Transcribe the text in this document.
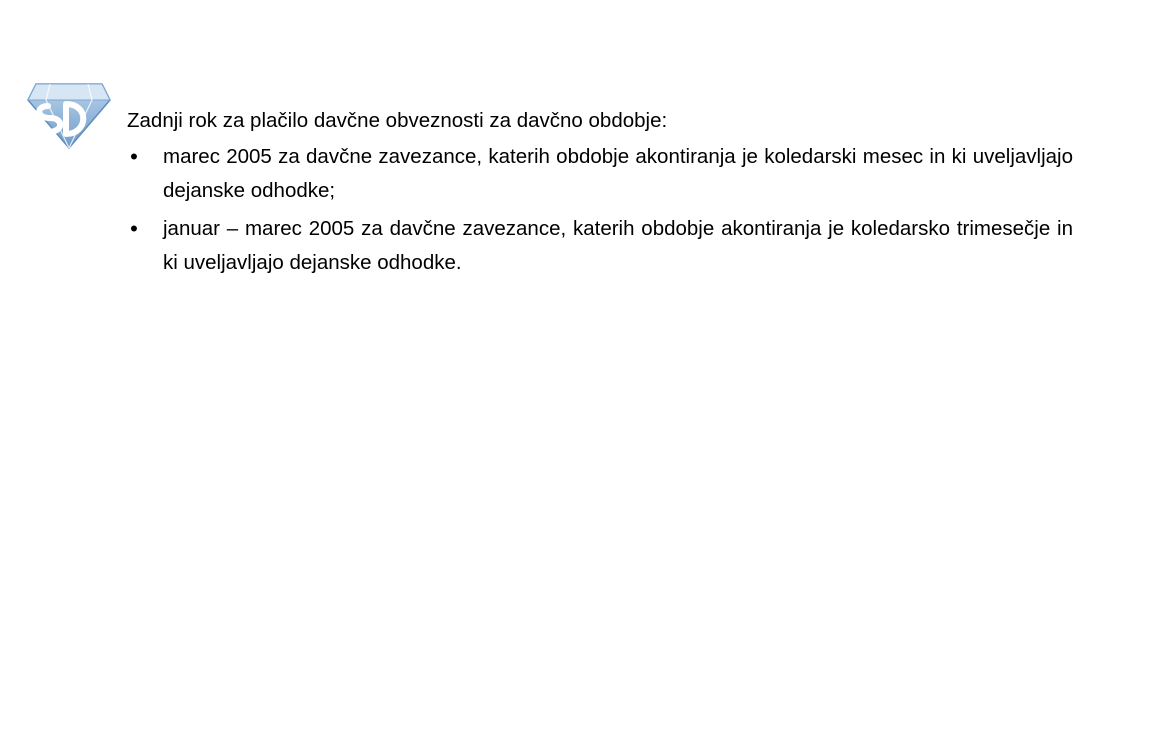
Zadnji rok za plačilo davčne obveznosti za davčno obdobje:

• marec 2005 za davčne zavezance, katerih obdobje akontiranja je koledarski mesec in ki uveljavljajo dejanske odhodke;
• januar – marec 2005 za davčne zavezance, katerih obdobje akontiranja je koledarsko trimesečje in ki uveljavljajo dejanske odhodke.
